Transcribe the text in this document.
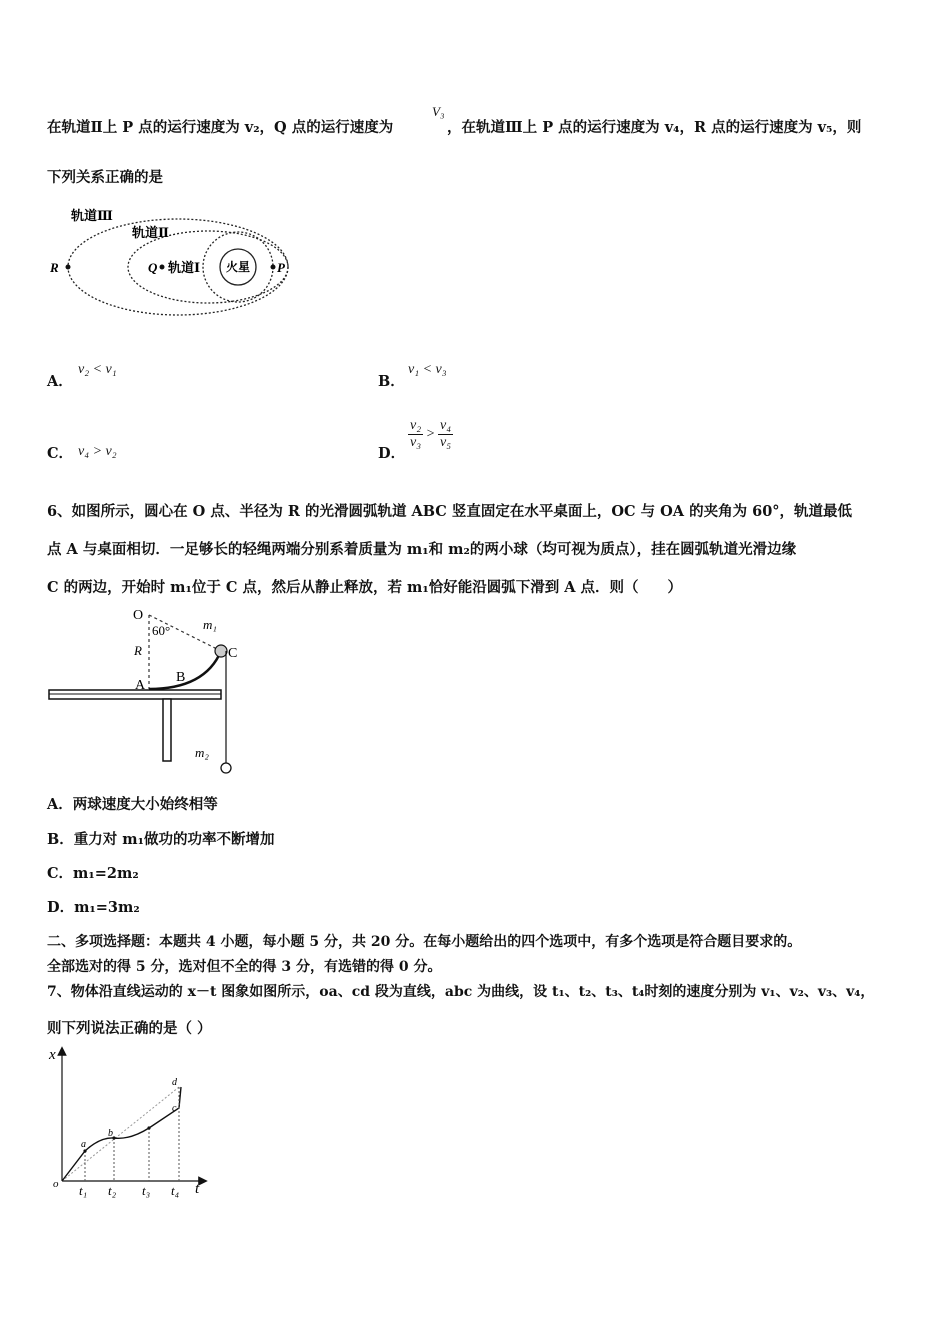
在轨道Ⅱ上 P 点的运行速度为 v₂，Q 点的运行速度为
V₃
，在轨道Ⅲ上 P 点的运行速度为 v₄，R 点的运行速度为 v₅，则
下列关系正确的是
轨道Ⅲ
轨道Ⅱ
轨道Ⅰ 火星
R	Q	P
A．
v₂ < v₁
B．
v₁ < v₃
C． v₄ > v₂	D．
$\frac{\text{v₂}}{\text{v₃}} > \frac{\text{v₄}}{\text{v₅}}$
6、如图所示，圆心在 O 点、半径为 R 的光滑圆弧轨道 ABC 竖直固定在水平桌面上，OC 与 OA 的夹角为 60°，轨道最低
点 A 与桌面相切．一足够长的轻绳两端分别系着质量为 m₁和 m₂的两小球（均可视为质点），挂在圆弧轨道光滑边缘
C 的两边，开始时 m₁位于 C 点，然后从静止释放，若 m₁恰好能沿圆弧下滑到 A 点．则（　　）
O
60°
R
m₁
C
A
B
m₂
A．两球速度大小始终相等
B．重力对 m₁做功的功率不断增加
C．m₁=2m₂
D．m₁=3m₂
二、多项选择题：本题共 4 小题，每小题 5 分，共 20 分。在每小题给出的四个选项中，有多个选项是符合题目要求的。
全部选对的得 5 分，选对但不全的得 3 分，有选错的得 0 分。
7、物体沿直线运动的 x－t 图象如图所示，oa、cd 段为直线，abc 为曲线，设 t₁、t₂、t₃、t₄时刻的速度分别为 v₁、v₂、v₃、v₄，
则下列说法正确的是（ ）
x
t
o
a
b
c
d
t₁ t₂ t₃ t₄
